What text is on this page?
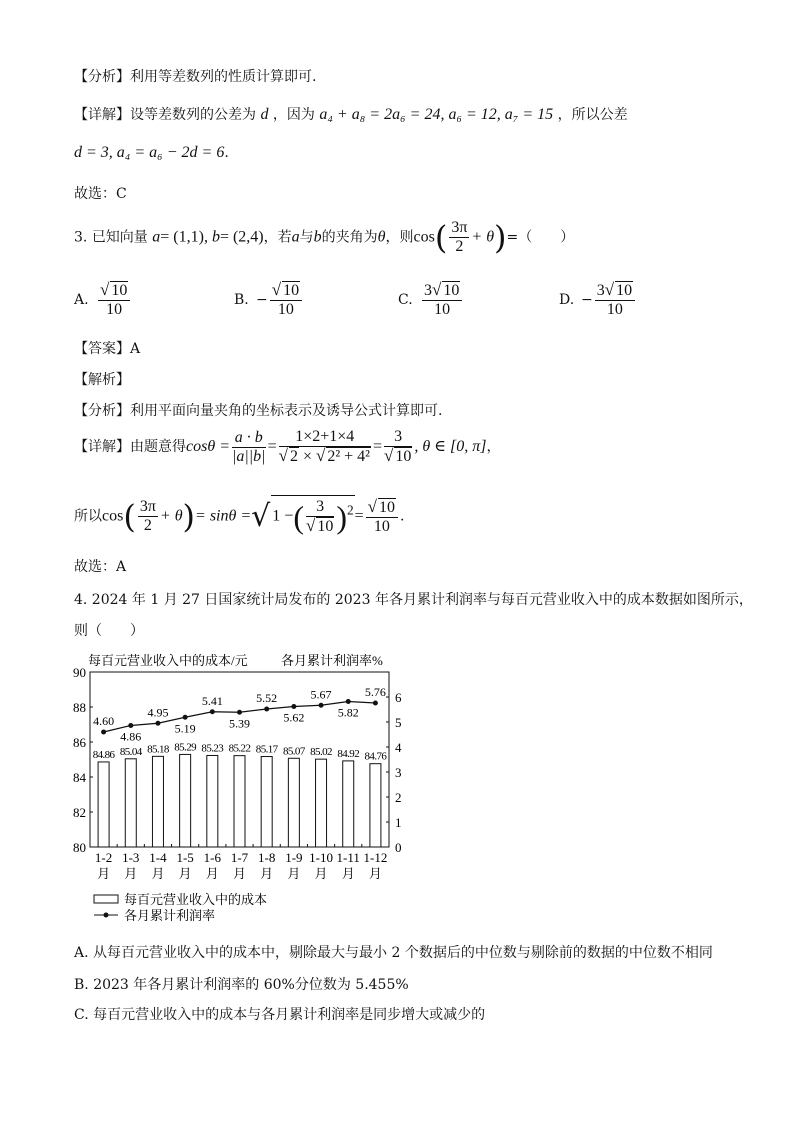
【分析】利用等差数列的性质计算即可.
【详解】设等差数列的公差为 d ，因为 a₄ + a₈ = 2a₆ = 24, a₆ = 12, a₇ = 15 ，所以公差
d = 3, a₄ = a₆ − 2d = 6.
故选：C
3. 已知向量 a= (1,1), b= (2,4)，若a与b的夹角为θ，则$\cos( \frac{3\pi}{2} + \theta)=$（　　）
A. $\frac{√ 10}{10}$	B. − $\frac{√ 10}{10}$	C. $\frac{3√ 10}{10}$	D. − $\frac{3√ 10}{10}$
【答案】A
【解析】
【分析】利用平面向量夹角的坐标表示及诱导公式计算即可.
【详解】由题意得$\cos\theta = \frac{a \cdot b}{|a||b|} = \frac{1\times 2+1\times 4}{\text{√ 2 × √ 2² + 4²}} = \frac{3}{√ 10}$ , θ ∈ [0, π]，
所以$\cos( \frac{3\pi}{2} + \theta)= \sin\theta$ =√ 1 −( $\frac{3}{√ 10} )^2= \frac{√ 10}{10}$ .
故选：A
4. 2024 年 1 月 27 日国家统计局发布的 2023 年各月累计利润率与每百元营业收入中的成本数据如图所示，
则（　　）
每百元营业收入中的成本/元	各月累计利润率%
84.86 85.04 85.18 85.29 85.23 85.22 85.17 85.07 85.02 84.92 84.76
4.60
4.86
4.95
5.19
5.41
5.39
5.52
5.62
5.67
5.82
5.76
1-2
月
1-3
月
1-4
月
1-5
月
1-6
月
1-7
月
1-8
月
1-9
月
1-10
月
1-11
月
1-12
月
80
82
84
86
88
90
0
1
2
3
4
5
6
每百元营业收入中的成本
各月累计利润率
A. 从每百元营业收入中的成本中，剔除最大与最小 2 个数据后的中位数与剔除前的数据的中位数不相同
B. 2023 年各月累计利润率的 60%分位数为 5.455%
C. 每百元营业收入中的成本与各月累计利润率是同步增大或减少的
